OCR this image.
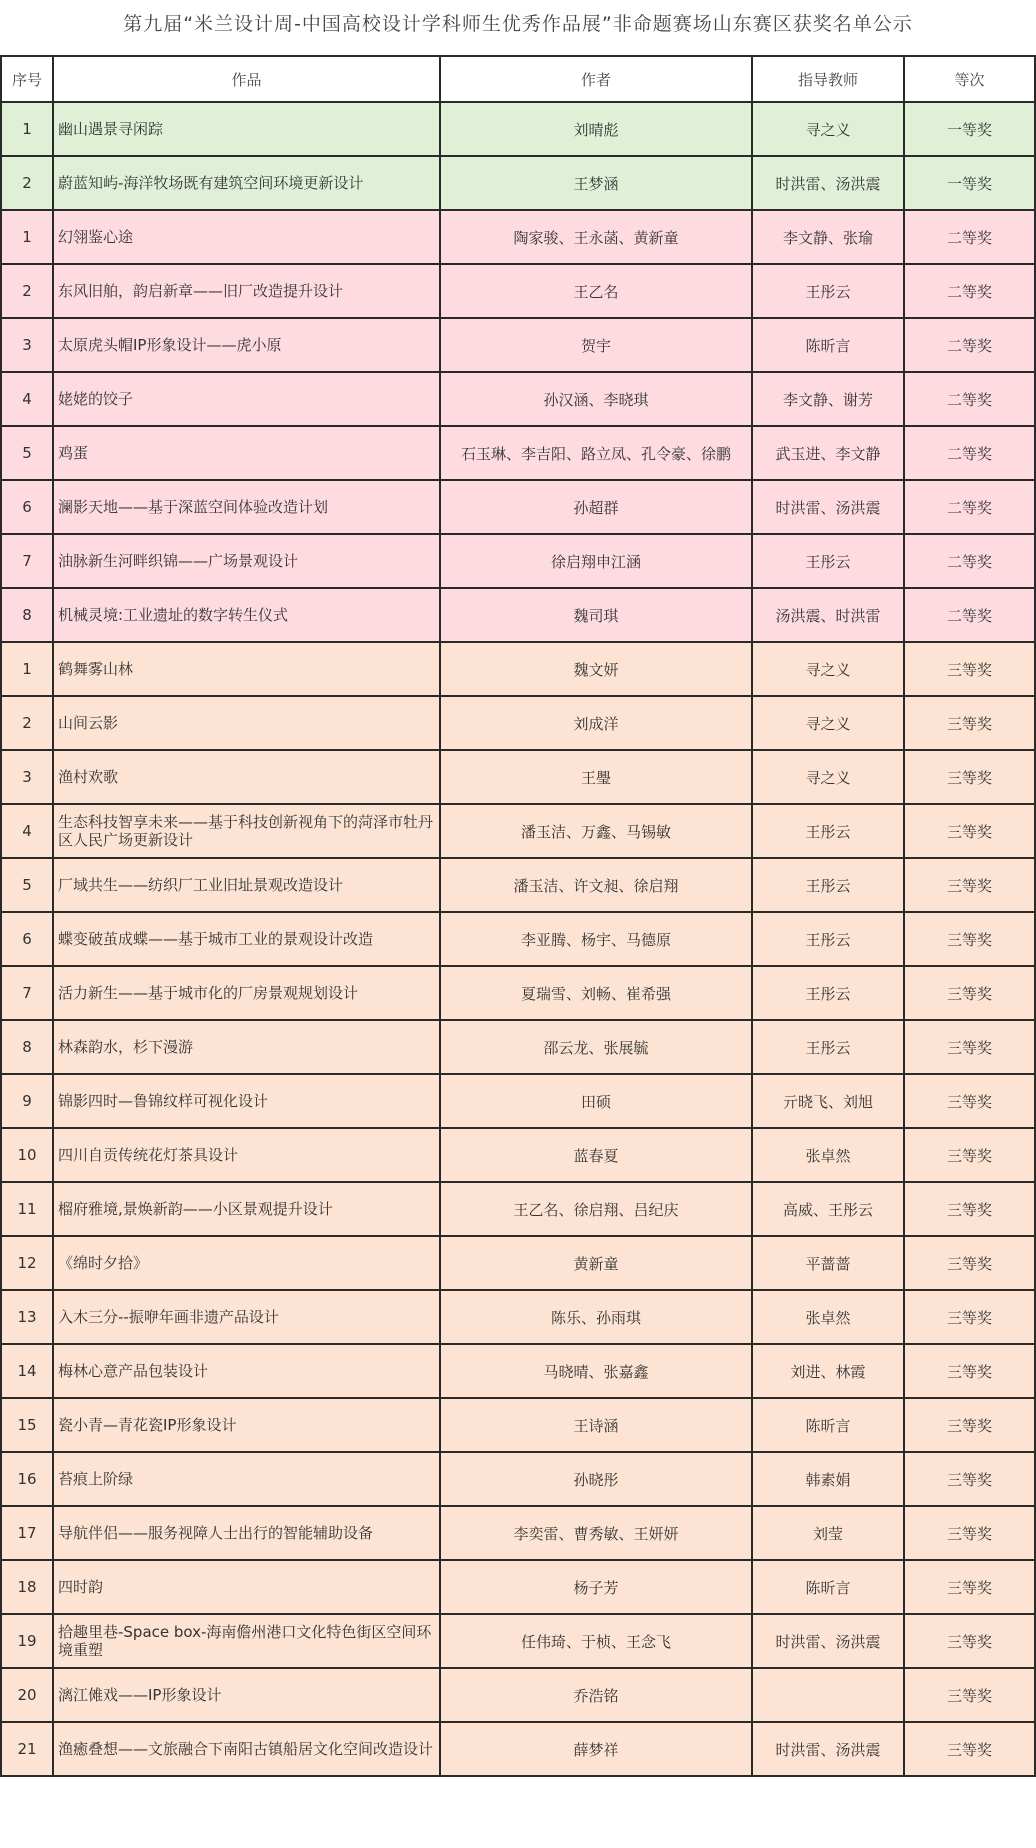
第九届“米兰设计周-中国高校设计学科师生优秀作品展”非命题赛场山东赛区获奖名单公示
序号	作品	作者	指导教师	等次
1	幽山遇景寻闲踪	刘晴彪	寻之义	一等奖
2	蔚蓝知屿-海洋牧场既有建筑空间环境更新设计	王梦涵	时洪雷、汤洪震	一等奖
1	幻翎鉴心途	陶家骏、王永菡、黄新童	李文静、张瑜	二等奖
2	东风旧舶，韵启新章——旧厂改造提升设计	王乙名	王彤云	二等奖
3	太原虎头帽IP形象设计——虎小原	贺宇	陈昕言	二等奖
4	姥姥的饺子	孙汉涵、李晓琪	李文静、谢芳	二等奖
5	鸡蛋	石玉琳、李吉阳、路立凤、孔令豪、徐鹏	武玉进、李文静	二等奖
6	澜影天地——基于深蓝空间体验改造计划	孙超群	时洪雷、汤洪震	二等奖
7	油脉新生河畔织锦——广场景观设计	徐启翔申江涵	王彤云	二等奖
8	机械灵境:工业遗址的数字转生仪式	魏司琪	汤洪震、时洪雷	二等奖
1	鹤舞雾山林	魏文妍	寻之义	三等奖
2	山间云影	刘成洋	寻之义	三等奖
3	渔村欢歌	王璺	寻之义	三等奖
4	生态科技智享未来——基于科技创新视角下的菏泽市牡丹区人民广场更新设计	潘玉洁、万鑫、马锡敏	王彤云	三等奖
5	厂域共生——纺织厂工业旧址景观改造设计	潘玉洁、许文昶、徐启翔	王彤云	三等奖
6	蝶变破茧成蝶——基于城市工业的景观设计改造	李亚腾、杨宇、马德原	王彤云	三等奖
7	活力新生——基于城市化的厂房景观规划设计	夏瑞雪、刘畅、崔希强	王彤云	三等奖
8	林森韵水，杉下漫游	邵云龙、张展毓	王彤云	三等奖
9	锦影四时—鲁锦纹样可视化设计	田硕	亓晓飞、刘旭	三等奖
10	四川自贡传统花灯茶具设计	蓝春夏	张卓然	三等奖
11	榴府雅境,景焕新韵——小区景观提升设计	王乙名、徐启翔、吕纪庆	高威、王彤云	三等奖
12	《绵时夕拾》	黄新童	平蔷蔷	三等奖
13	入木三分--振咿年画非遗产品设计	陈乐、孙雨琪	张卓然	三等奖
14	梅林心意产品包装设计	马晓晴、张嘉鑫	刘进、林霞	三等奖
15	瓷小青—青花瓷IP形象设计	王诗涵	陈昕言	三等奖
16	苔痕上阶绿	孙晓彤	韩素娟	三等奖
17	导航伴侣——服务视障人士出行的智能辅助设备	李奕雷、曹秀敏、王妍妍	刘莹	三等奖
18	四时韵	杨子芳	陈昕言	三等奖
19	拾趣里巷-Space box-海南儋州港口文化特色街区空间环境重塑	任伟琦、于桢、王念飞	时洪雷、汤洪震	三等奖
20	漓江傩戏——IP形象设计	乔浩铭		三等奖
21	渔癒叠想——文旅融合下南阳古镇船居文化空间改造设计	薛梦祥	时洪雷、汤洪震	三等奖
